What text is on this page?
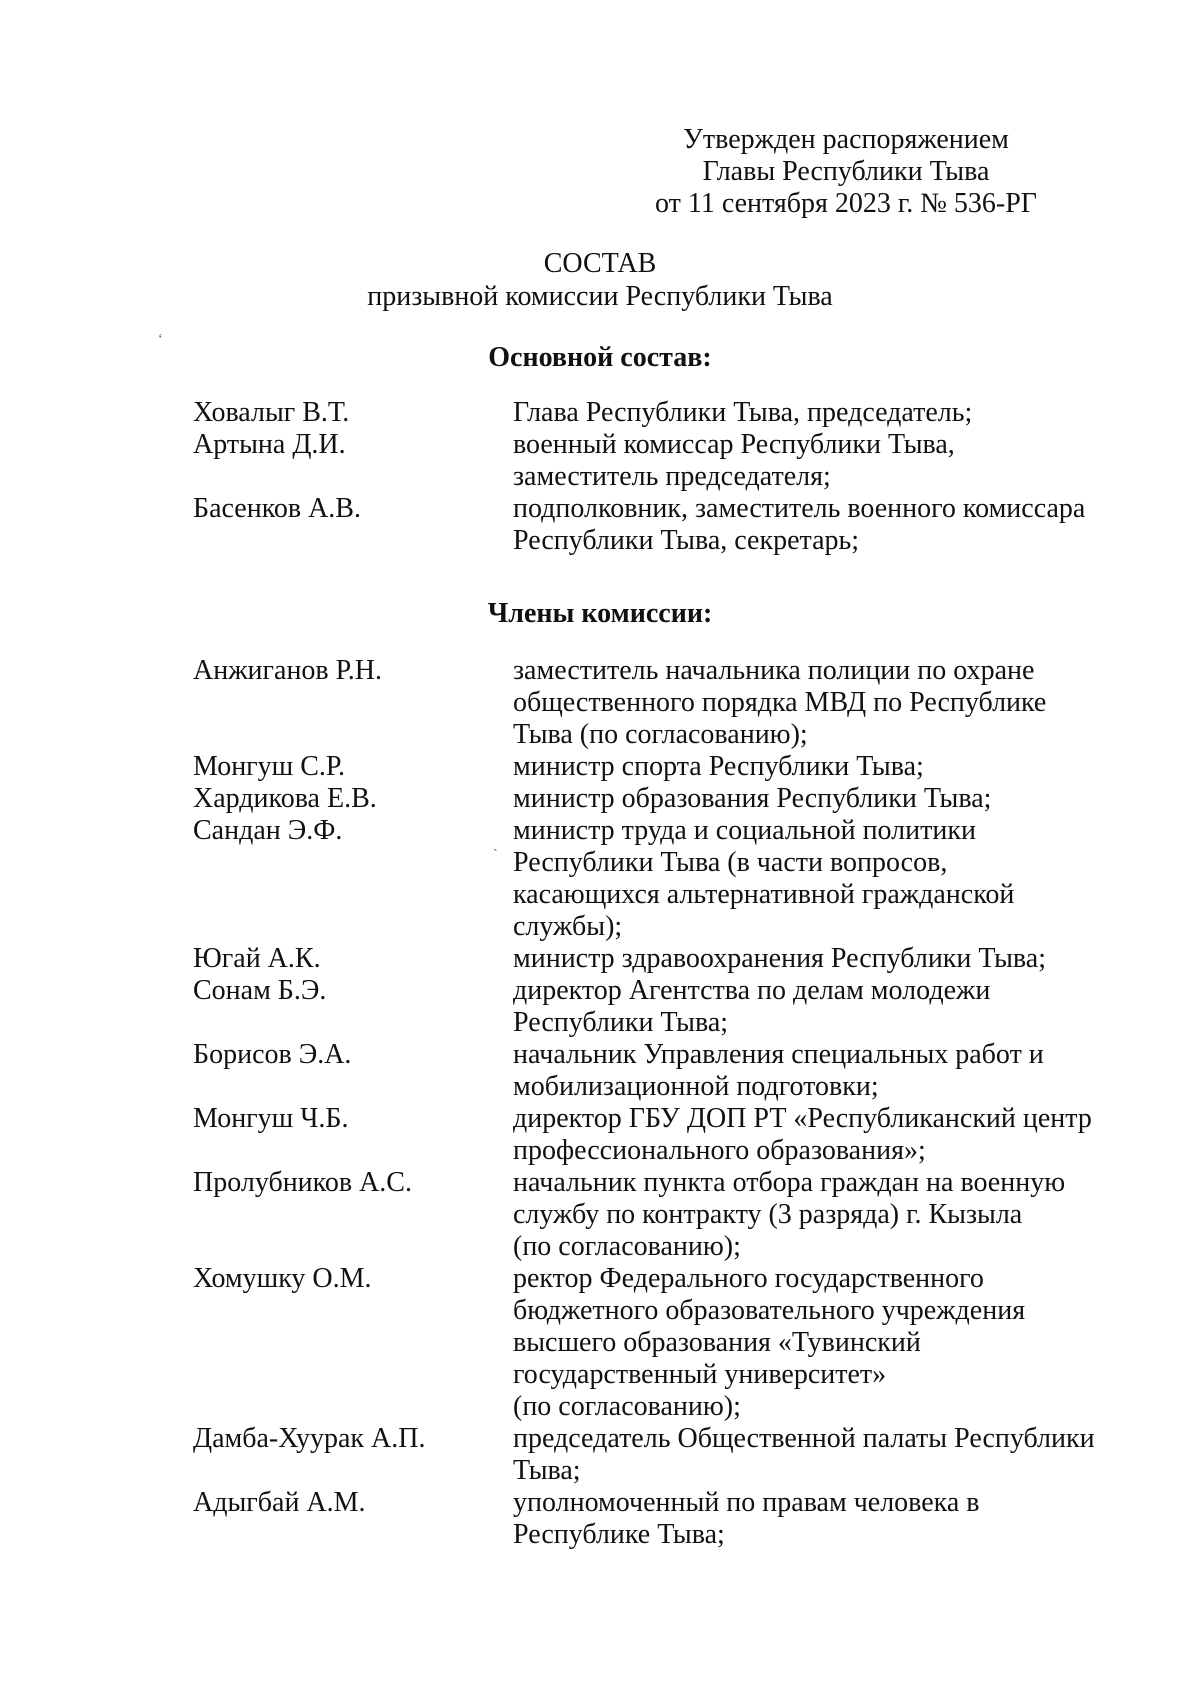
Утвержден распоряжением
Главы Республики Тыва
от 11 сентября 2023 г. № 536-РГ
СОСТАВ
призывной комиссии Республики Тыва
Основной состав:
Ховалыг В.Т.	Глава Республики Тыва, председатель;
Артына Д.И.	военный комиссар Республики Тыва,
заместитель председателя;
Басенков А.В.	подполковник, заместитель военного комиссара
Республики Тыва, секретарь;
Члены комиссии:
Анжиганов Р.Н.	заместитель начальника полиции по охране
общественного порядка МВД по Республике
Тыва (по согласованию);
Монгуш С.Р.	министр спорта Республики Тыва;
Хардикова Е.В.	министр образования Республики Тыва;
Сандан Э.Ф.	министр труда и социальной политики
Республики Тыва (в части вопросов,
касающихся альтернативной гражданской
службы);
Югай А.К.	министр здравоохранения Республики Тыва;
Сонам Б.Э.	директор Агентства по делам молодежи
Республики Тыва;
Борисов Э.А.	начальник Управления специальных работ и
мобилизационной подготовки;
Монгуш Ч.Б.	директор ГБУ ДОП РТ «Республиканский центр
профессионального образования»;
Пролубников А.С.	начальник пункта отбора граждан на военную
службу по контракту (3 разряда) г. Кызыла
(по согласованию);
Хомушку О.М.	ректор Федерального государственного
бюджетного образовательного учреждения
высшего образования «Тувинский
государственный университет»
(по согласованию);
Дамба-Хуурак А.П.	председатель Общественной палаты Республики
Тыва;
Адыгбай А.М.	уполномоченный по правам человека в
Республике Тыва;
‘
ˎ
